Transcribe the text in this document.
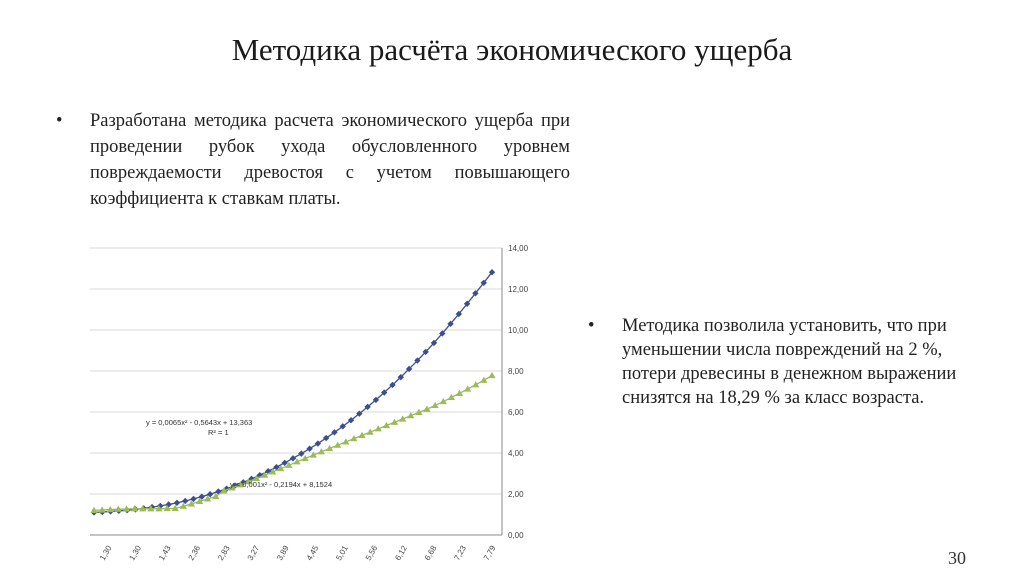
Методика расчёта экономического ущерба
• Разработана методика расчета экономического ущерба при проведении рубок ухода обусловленного уровнем повреждаемости древостоя с учетом повышающего коэффициента к ставкам платы.
• Методика позволила установить, что при уменьшении числа повреждений на 2 %, потери древесины в денежном выражении снизятся на 18,29 % за класс возраста.
0,00
2,00
4,00
6,00
8,00
10,00
12,00
14,00
1,30 1,30 1,43 2,36 2,83 3,27 3,89 4,45 5,01 5,56 6,12 6,68 7,23 7,79
y = 0,0065x² - 0,5643x + 13,363
R² = 1
y = 0,001x² - 0,2194x + 8,1524
30
